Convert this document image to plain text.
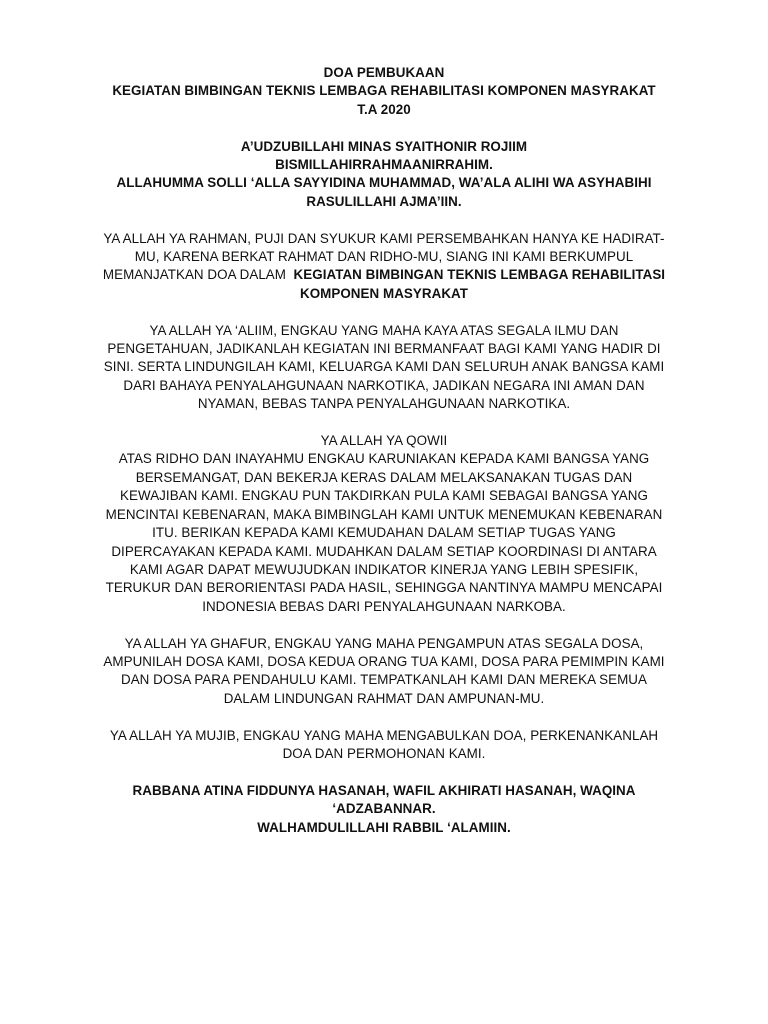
DOA PEMBUKAAN
KEGIATAN BIMBINGAN TEKNIS LEMBAGA REHABILITASI KOMPONEN MASYRAKAT
T.A 2020
A’UDZUBILLAHI MINAS SYAITHONIR ROJIIM
BISMILLAHIRRAHMAANIRRAHIM.
ALLAHUMMA SOLLI ‘ALLA SAYYIDINA MUHAMMAD, WA’ALA ALIHI WA ASYHABIHI
RASULILLAHI AJMA’IIN.
YA ALLAH YA RAHMAN, PUJI DAN SYUKUR KAMI PERSEMBAHKAN HANYA KE HADIRAT-
MU, KARENA BERKAT RAHMAT DAN RIDHO-MU, SIANG INI KAMI BERKUMPUL
MEMANJATKAN DOA DALAM KEGIATAN BIMBINGAN TEKNIS LEMBAGA REHABILITASI
KOMPONEN MASYRAKAT
YA ALLAH YA ‘ALIIM, ENGKAU YANG MAHA KAYA ATAS SEGALA ILMU DAN
PENGETAHUAN, JADIKANLAH KEGIATAN INI BERMANFAAT BAGI KAMI YANG HADIR DI
SINI. SERTA LINDUNGILAH KAMI, KELUARGA KAMI DAN SELURUH ANAK BANGSA KAMI
DARI BAHAYA PENYALAHGUNAAN NARKOTIKA, JADIKAN NEGARA INI AMAN DAN
NYAMAN, BEBAS TANPA PENYALAHGUNAAN NARKOTIKA.
YA ALLAH YA QOWII
ATAS RIDHO DAN INAYAHMU ENGKAU KARUNIAKAN KEPADA KAMI BANGSA YANG
BERSEMANGAT, DAN BEKERJA KERAS DALAM MELAKSANAKAN TUGAS DAN
KEWAJIBAN KAMI. ENGKAU PUN TAKDIRKAN PULA KAMI SEBAGAI BANGSA YANG
MENCINTAI KEBENARAN, MAKA BIMBINGLAH KAMI UNTUK MENEMUKAN KEBENARAN
ITU. BERIKAN KEPADA KAMI KEMUDAHAN DALAM SETIAP TUGAS YANG
DIPERCAYAKAN KEPADA KAMI. MUDAHKAN DALAM SETIAP KOORDINASI DI ANTARA
KAMI AGAR DAPAT MEWUJUDKAN INDIKATOR KINERJA YANG LEBIH SPESIFIK,
TERUKUR DAN BERORIENTASI PADA HASIL, SEHINGGA NANTINYA MAMPU MENCAPAI
INDONESIA BEBAS DARI PENYALAHGUNAAN NARKOBA.
YA ALLAH YA GHAFUR, ENGKAU YANG MAHA PENGAMPUN ATAS SEGALA DOSA,
AMPUNILAH DOSA KAMI, DOSA KEDUA ORANG TUA KAMI, DOSA PARA PEMIMPIN KAMI
DAN DOSA PARA PENDAHULU KAMI. TEMPATKANLAH KAMI DAN MEREKA SEMUA
DALAM LINDUNGAN RAHMAT DAN AMPUNAN-MU.
YA ALLAH YA MUJIB, ENGKAU YANG MAHA MENGABULKAN DOA, PERKENANKANLAH
DOA DAN PERMOHONAN KAMI.
RABBANA ATINA FIDDUNYA HASANAH, WAFIL AKHIRATI HASANAH, WAQINA
‘ADZABANNAR.
WALHAMDULILLAHI RABBIL ‘ALAMIIN.
